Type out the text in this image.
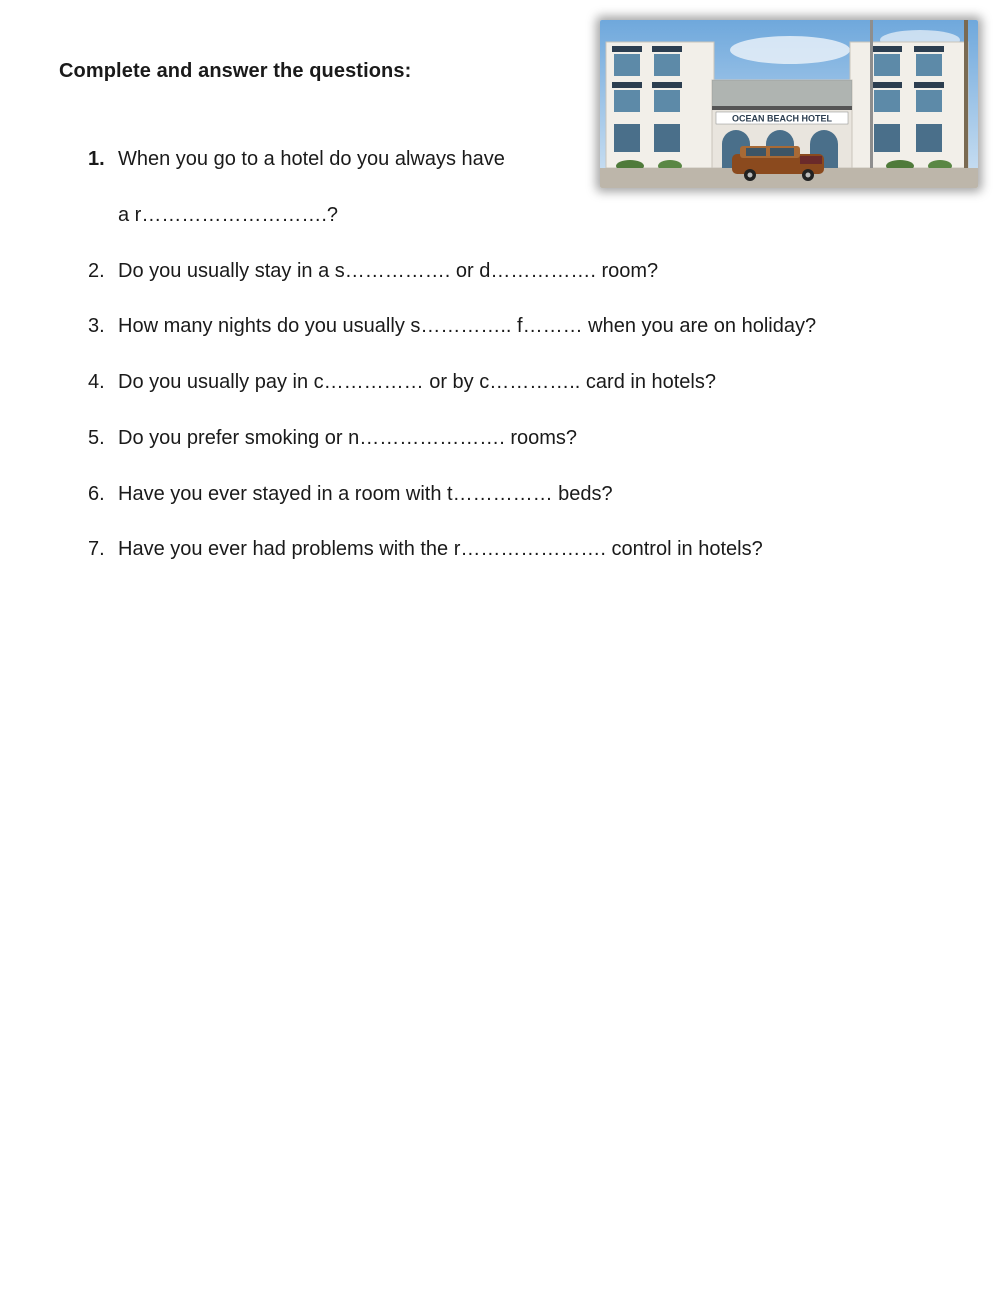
Complete and answer the questions:
OCEAN BEACH HOTEL
1. When you go to a hotel do you always have
a r……………………….?
2. Do you usually stay in a s……………. or d……………. room?
3. How many nights do you usually s………….. f……… when you are on holiday?
4. Do you usually pay in c…………… or by c………….. card in hotels?
5. Do you prefer smoking or n…………………. rooms?
6. Have you ever stayed in a room with t…………… beds?
7. Have you ever had problems with the r…………………. control in hotels?
